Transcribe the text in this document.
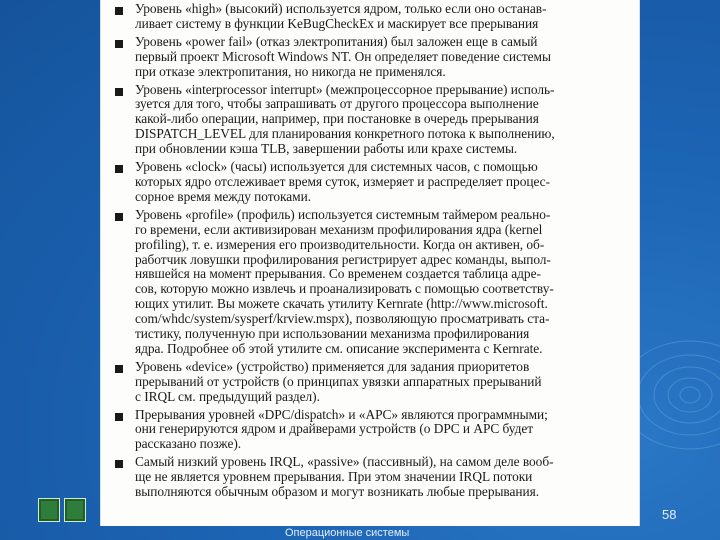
Уровень «high» (высокий) используется ядром, только если оно останав-
ливает систему в функции KeBugCheckEx и маскирует все прерывания
Уровень «power fail» (отказ электропитания) был заложен еще в самый
первый проект Microsoft Windows NT. Он определяет поведение системы
при отказе электропитания, но никогда не применялся.
Уровень «interprocessor interrupt» (межпроцессорное прерывание) исполь-
зуется для того, чтобы запрашивать от другого процессора выполнение
какой-либо операции, например, при постановке в очередь прерывания
DISPATCH_LEVEL для планирования конкретного потока к выполнению,
при обновлении кэша TLB, завершении работы или крахе системы.
Уровень «clock» (часы) используется для системных часов, с помощью
которых ядро отслеживает время суток, измеряет и распределяет процес-
сорное время между потоками.
Уровень «profile» (профиль) используется системным таймером реально-
го времени, если активизирован механизм профилирования ядра (kernel
profiling), т. е. измерения его производительности. Когда он активен, об-
работчик ловушки профилирования регистрирует адрес команды, выпол-
нявшейся на момент прерывания. Со временем создается таблица адре-
сов, которую можно извлечь и проанализировать с помощью соответству-
ющих утилит. Вы можете скачать утилиту Kernrate (http://www.microsoft.
com/whdc/system/sysperf/krview.mspx), позволяющую просматривать ста-
тистику, полученную при использовании механизма профилирования
ядра. Подробнее об этой утилите см. описание эксперимента с Kernrate.
Уровень «device» (устройство) применяется для задания приоритетов
прерываний от устройств (о принципах увязки аппаратных прерываний
с IRQL см. предыдущий раздел).
Прерывания уровней «DPC/dispatch» и «APC» являются программными;
они генерируются ядром и драйверами устройств (о DPC и APC будет
рассказано позже).
Самый низкий уровень IRQL, «passive» (пассивный), на самом деле вооб-
ще не является уровнем прерывания. При этом значении IRQL потоки
выполняются обычным образом и могут возникать любые прерывания.
Операционные системы
58
